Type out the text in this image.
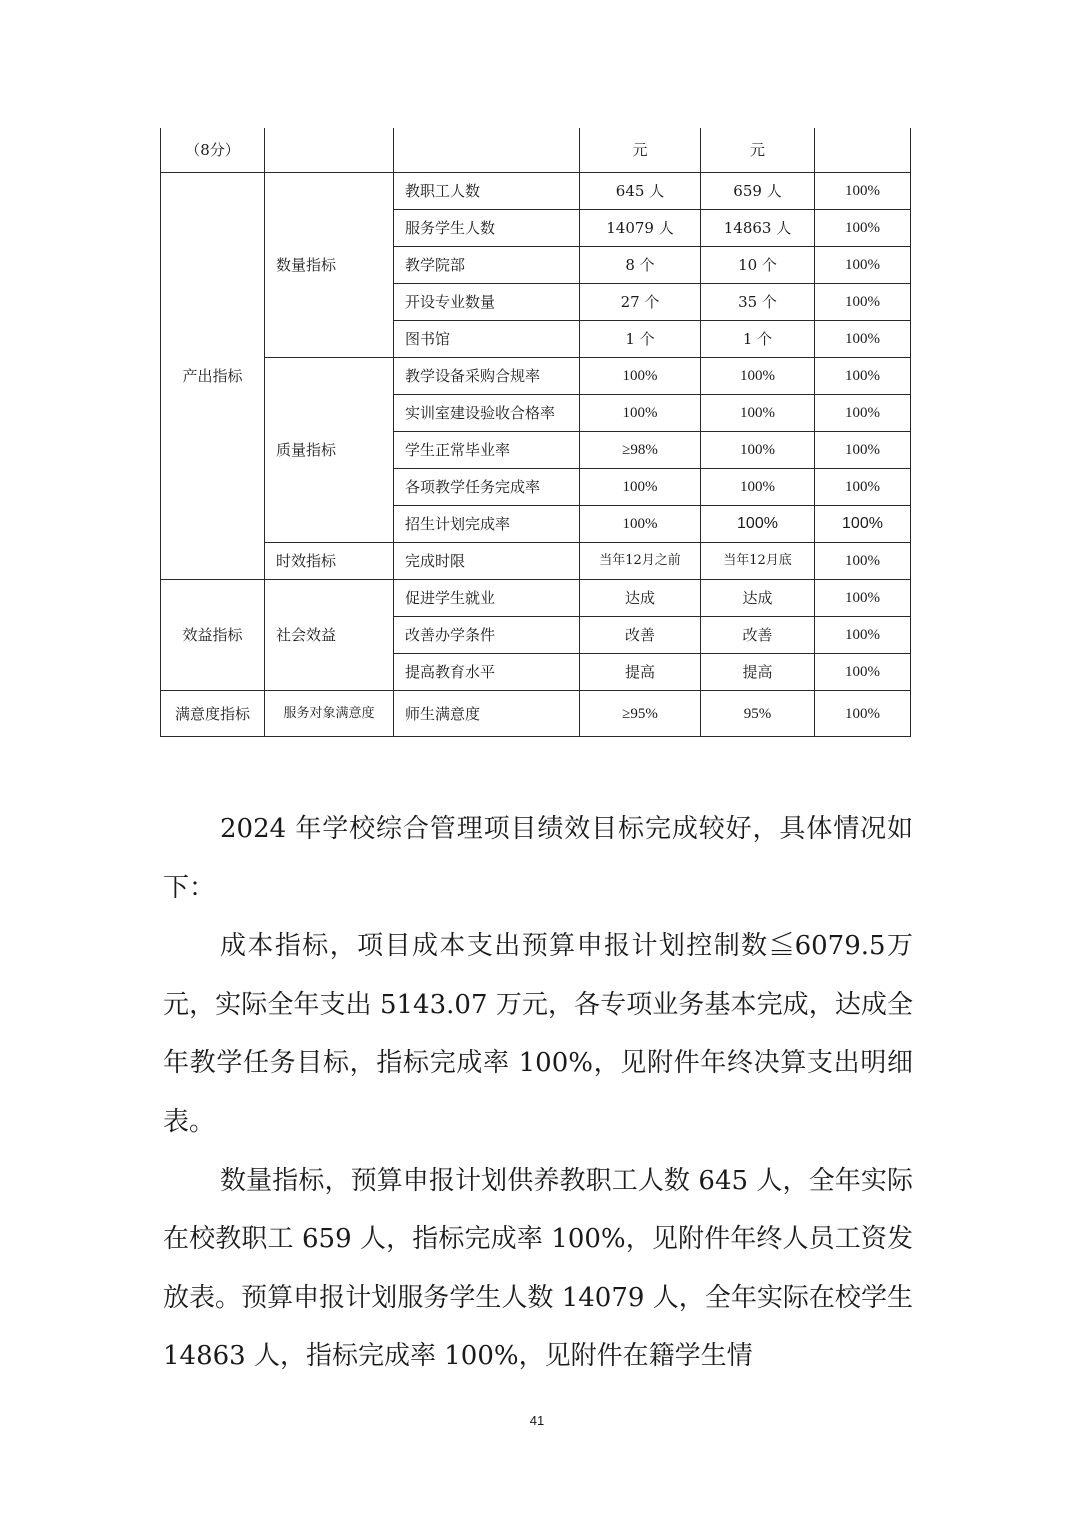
（8分）			元	元	
产出指标	数量指标	教职工人数	645 人	659 人	100%
		服务学生人数	14079 人	14863 人	100%
		教学院部	8 个	10 个	100%
		开设专业数量	27 个	35 个	100%
		图书馆	1 个	1 个	100%
	质量指标	教学设备采购合规率	100%	100%	100%
		实训室建设验收合格率	100%	100%	100%
		学生正常毕业率	≥98%	100%	100%
		各项教学任务完成率	100%	100%	100%
		招生计划完成率	100%	100%	100%
	时效指标	完成时限	当年12月之前	当年12月底	100%
效益指标	社会效益	促进学生就业	达成	达成	100%
		改善办学条件	改善	改善	100%
		提高教育水平	提高	提高	100%
满意度指标	服务对象满意度	师生满意度	≥95%	95%	100%

2024 年学校综合管理项目绩效目标完成较好，具体情况如下：

成本指标，项目成本支出预算申报计划控制数≦6079.5万元，实际全年支出 5143.07 万元，各专项业务基本完成，达成全年教学任务目标，指标完成率 100%，见附件年终决算支出明细表。

数量指标，预算申报计划供养教职工人数 645 人，全年实际在校教职工 659 人，指标完成率 100%，见附件年终人员工资发放表。预算申报计划服务学生人数 14079 人，全年实际在校学生 14863 人，指标完成率 100%，见附件在籍学生情

41
